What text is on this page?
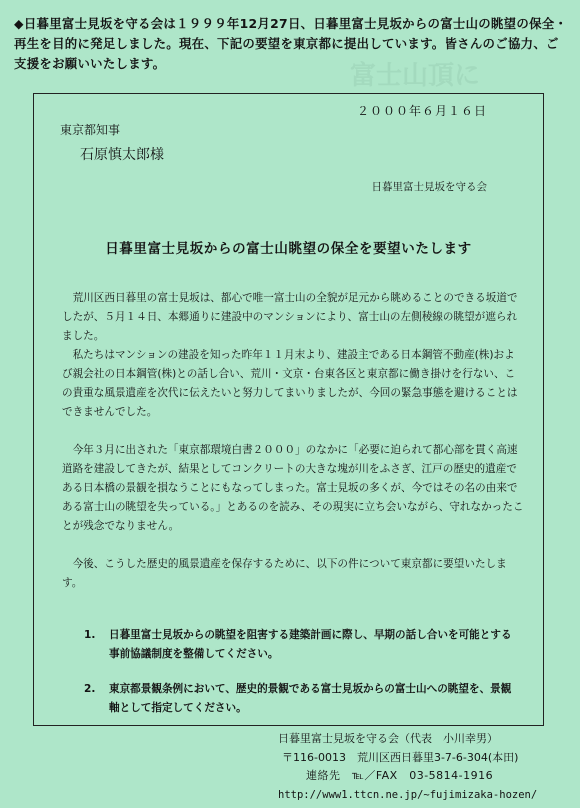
富士山頂に
◆日暮里富士見坂を守る会は１９９９年12月27日、日暮里富士見坂からの富士山の眺望の保全・再生を目的に発足しました。現在、下記の要望を東京都に提出しています。皆さんのご協力、ご支援をお願いいたします。
２０００年６月１６日
東京都知事
石原慎太郎様
日暮里富士見坂を守る会
日暮里富士見坂からの富士山眺望の保全を要望いたします

荒川区西日暮里の富士見坂は、都心で唯一富士山の全貌が足元から眺めることのできる坂道でしたが、５月１４日、本郷通りに建設中のマンションにより、富士山の左側稜線の眺望が遮られました。

私たちはマンションの建設を知った昨年１１月末より、建設主である日本鋼管不動産(株)および親会社の日本鋼管(株)との話し合い、荒川・文京・台東各区と東京都に働き掛けを行ない、この貴重な風景遺産を次代に伝えたいと努力してまいりましたが、今回の緊急事態を避けることはできませんでした。

今年３月に出された「東京都環境白書２０００」のなかに「必要に迫られて都心部を貫く高速道路を建設してきたが、結果としてコンクリートの大きな塊が川をふさぎ、江戸の歴史的遺産である日本橋の景観を損なうことにもなってしまった。富士見坂の多くが、今ではその名の由来である富士山の眺望を失っている。」とあるのを読み、その現実に立ち会いながら、守れなかったことが残念でなりません。

今後、こうした歴史的風景遺産を保存するために、以下の件について東京都に要望いたします。

1.	日暮里富士見坂からの眺望を阻害する建築計画に際し、早期の話し合いを可能とする事前協議制度を整備してください。
2.	東京都景観条例において、歴史的景観である富士見坂からの富士山への眺望を、景観軸として指定してください。
日暮里富士見坂を守る会（代表　小川幸男）
〒116-0013　荒川区西日暮里3-7-6-304(本田)
連絡先　℡／FAX　03-5814-1916
http://www1.ttcn.ne.jp/~fujimizaka-hozen/
